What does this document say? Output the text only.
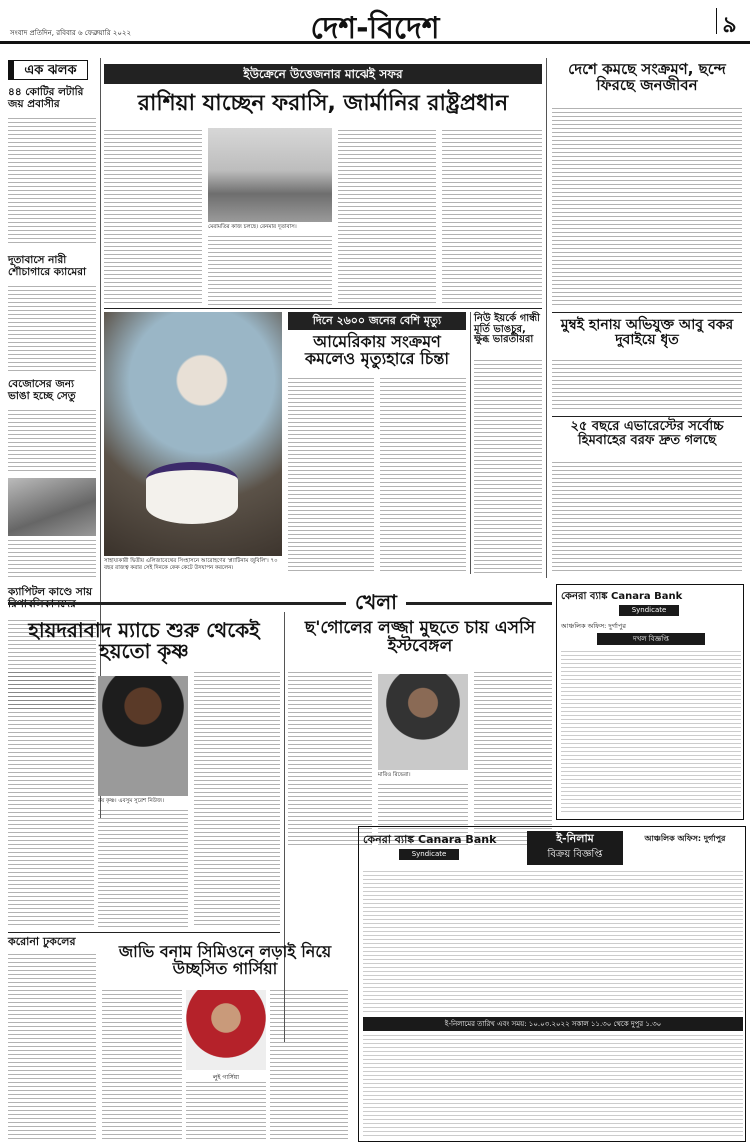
সংবাদ প্রতিদিন, রবিবার ৬ ফেব্রুয়ারি ২০২২	দেশ-বিদেশ	৯
এক ঝলক
৪৪ কোটির লটারি জয় প্রবাসীর
দূতাবাসে নারী শৌচাগারে ক্যামেরা
বেজোসের জন্য ভাঙা হচ্ছে সেতু
ক্যাপিটল কাণ্ডে সায়
ইউক্রেনে উত্তেজনার মাঝেই সফর
রাশিয়া যাচ্ছেন ফরাসি, জার্মানির রাষ্ট্রপ্রধান
মেরামতির কাজ চলছে। রেনমার দূতাবাস।
সাহায্যকারী দ্বিতীয় এলিজাবেথের সিংহাসনে আরোহণের 'প্ল্যাটিনাম জুবিলি'। ৭০ বছর রাজত্ব করার সেই দিনকে কেক কেটে উদযাপন করলেন।
দিনে ২৬০০ জনের বেশি মৃত্যু
আমেরিকায় সংক্রমণ কমলেও মৃত্যুহারে চিন্তা
নিউ ইয়র্কে গান্ধী মূর্তি ভাঙচুর, ক্ষুব্ধ ভারতীয়রা
দেশে কমছে সংক্রমণ, ছন্দে ফিরছে জনজীবন
মুম্বই হানায় অভিযুক্ত আবু বকর দুবাইয়ে ধৃত
২৫ বছরে এভারেস্টের সর্বোচ্চ হিমবাহের বরফ দ্রুত গলছে
খেলা
হায়দরাবাদ ম্যাচে শুরু থেকেই হয়তো কৃষ্ণ
রয় কৃষ্ণ। এবসুম সুরেশ নিউজ।
ছ'গোলের লজ্জা মুছতে চায় এসসি ইস্টবেঙ্গল
মারিও রিভেরা।
করোনা ঢুকলের
জাভি বনাম সিমিওনে লড়াই নিয়ে উচ্ছসিত গার্সিয়া
লুই গার্সিয়া
কেনরা ব্যাঙ্ক Canara Bank
Syndicate
আঞ্চলিক অফিস: দুর্গাপুর
দখল বিজ্ঞপ্তি
কেনরা ব্যাঙ্ক Canara Bank
Syndicate
ই-নিলাম
বিক্রয় বিজ্ঞপ্তি
আঞ্চলিক অফিস: দুর্গাপুর
ই-নিলামের তারিখ এবং সময়: ১০.০৩.২০২২ সকাল ১১.৩০ থেকে দুপুর ১.৩০
